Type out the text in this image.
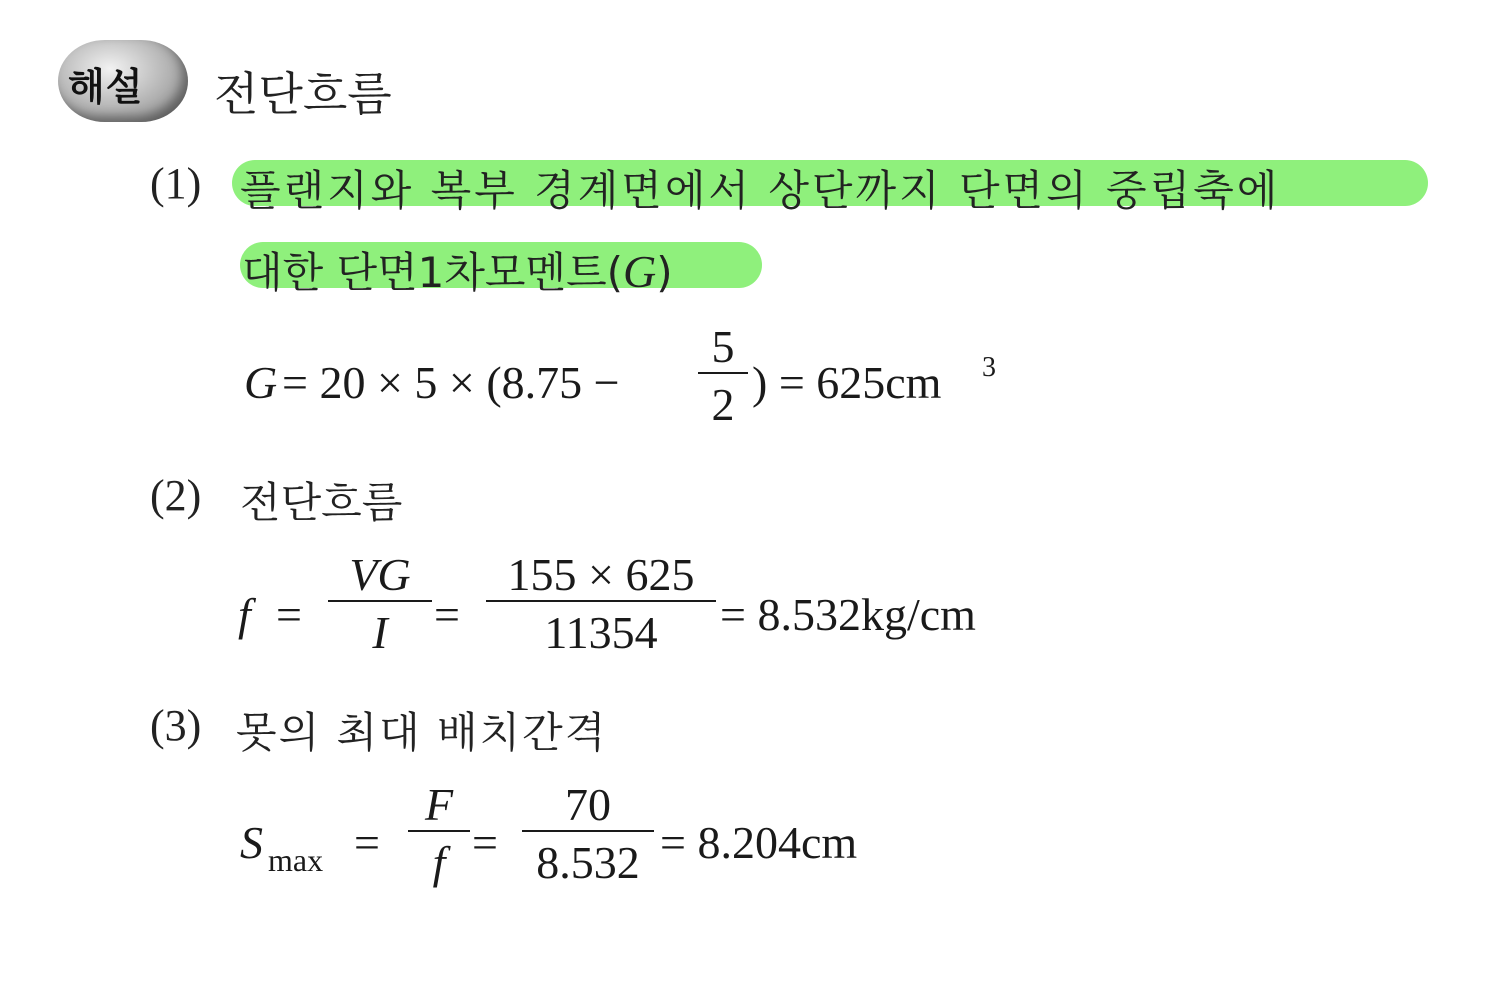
해설 전단흐름
(1) 플랜지와 복부 경계면에서 상단까지 단면의 중립축에
대한 단면1차모멘트(G)
$G = 20 \times 5 \times (8.75 - \frac{5}{2}$ ) = 625cm 3
(2) 전단흐름
$f = \frac{VG}{I} = \frac{155 \times 625}{11354} = 8.532kg/cm$
(3) 못의 최대 배치간격
S $\max = \frac{F}{f} = \frac{70}{8.532} = 8.204cm$
